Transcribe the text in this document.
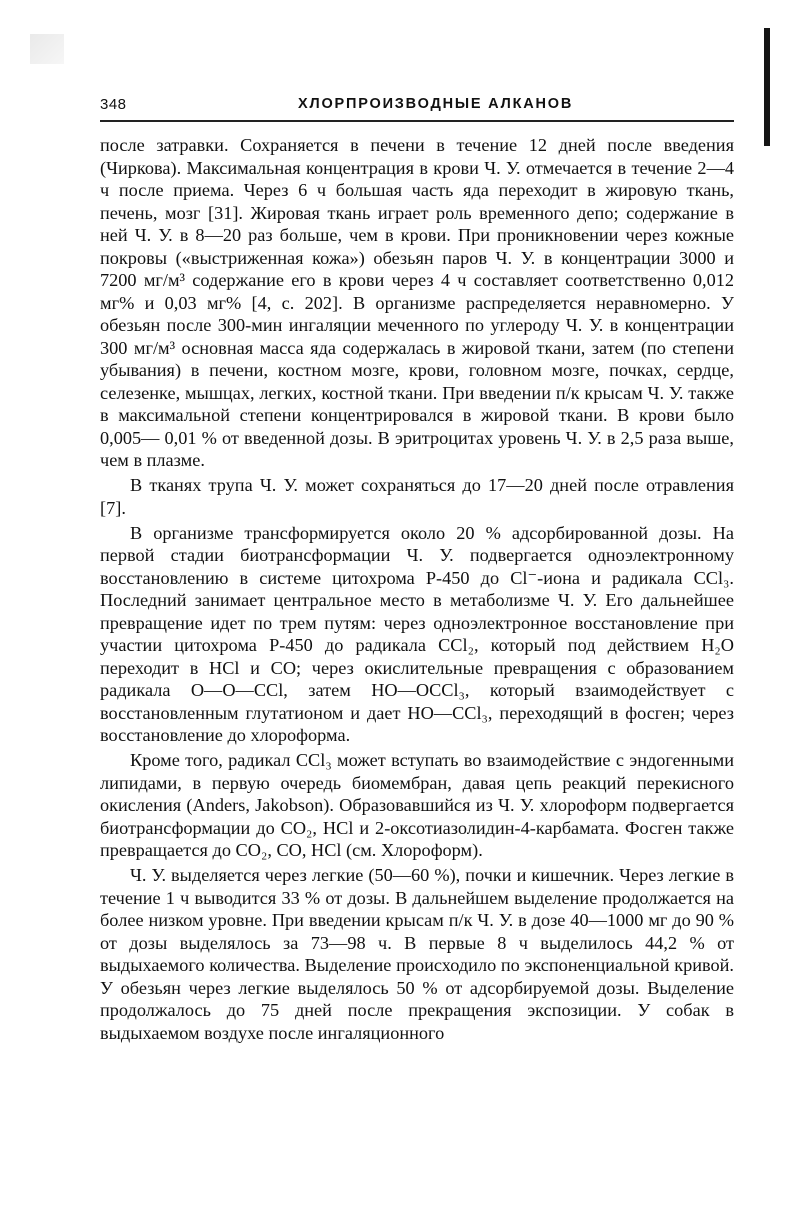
348	ХЛОРПРОИЗВОДНЫЕ АЛКАНОВ

после затравки. Сохраняется в печени в течение 12 дней после введения (Чиркова). Максимальная концентрация в крови Ч. У. отмечается в течение 2—4 ч после приема. Через 6 ч большая часть яда переходит в жировую ткань, печень, мозг [31]. Жировая ткань играет роль временного депо; содержание в ней Ч. У. в 8—20 раз больше, чем в крови. При проникновении через кожные покровы («выстриженная кожа») обезьян паров Ч. У. в концентрации 3000 и 7200 мг/м³ содержание его в крови через 4 ч составляет соответственно 0,012 мг% и 0,03 мг% [4, с. 202]. В организме распределяется неравномерно. У обезьян после 300-мин ингаляции меченного по углероду Ч. У. в концентрации 300 мг/м³ основная масса яда содержалась в жировой ткани, затем (по степени убывания) в печени, костном мозге, крови, головном мозге, почках, сердце, селезенке, мышцах, легких, костной ткани. При введении п/к крысам Ч. У. также в максимальной степени концентрировался в жировой ткани. В крови было 0,005— 0,01 % от введенной дозы. В эритроцитах уровень Ч. У. в 2,5 раза выше, чем в плазме.

В тканях трупа Ч. У. может сохраняться до 17—20 дней после отравления [7].

В организме трансформируется около 20 % адсорбированной дозы. На первой стадии биотрансформации Ч. У. подвергается одноэлектронному восстановлению в системе цитохрома Р-450 до Cl⁻-иона и радикала CCl₃. Последний занимает центральное место в метаболизме Ч. У. Его дальнейшее превращение идет по трем путям: через одноэлектронное восстановление при участии цитохрома Р-450 до радикала CCl₂, который под действием H₂O переходит в HCl и CO; через окислительные превращения с образованием радикала О—О—CCl, затем HO—OCCl₃, который взаимодействует с восстановленным глутатионом и дает HO—CCl₃, переходящий в фосген; через восстановление до хлороформа.

Кроме того, радикал CCl₃ может вступать во взаимодействие с эндогенными липидами, в первую очередь биомембран, давая цепь реакций перекисного окисления (Anders, Jakobson). Образовавшийся из Ч. У. хлороформ подвергается биотрансформации до CO₂, HCl и 2-оксотиазолидин-4-карбамата. Фосген также превращается до CO₂, CO, HCl (см. Хлороформ).

Ч. У. выделяется через легкие (50—60 %), почки и кишечник. Через легкие в течение 1 ч выводится 33 % от дозы. В дальнейшем выделение продолжается на более низком уровне. При введении крысам п/к Ч. У. в дозе 40—1000 мг до 90 % от дозы выделялось за 73—98 ч. В первые 8 ч выделилось 44,2 % от выдыхаемого количества. Выделение происходило по экспоненциальной кривой. У обезьян через легкие выделялось 50 % от адсорбируемой дозы. Выделение продолжалось до 75 дней после прекращения экспозиции. У собак в выдыхаемом воздухе после ингаляционного
